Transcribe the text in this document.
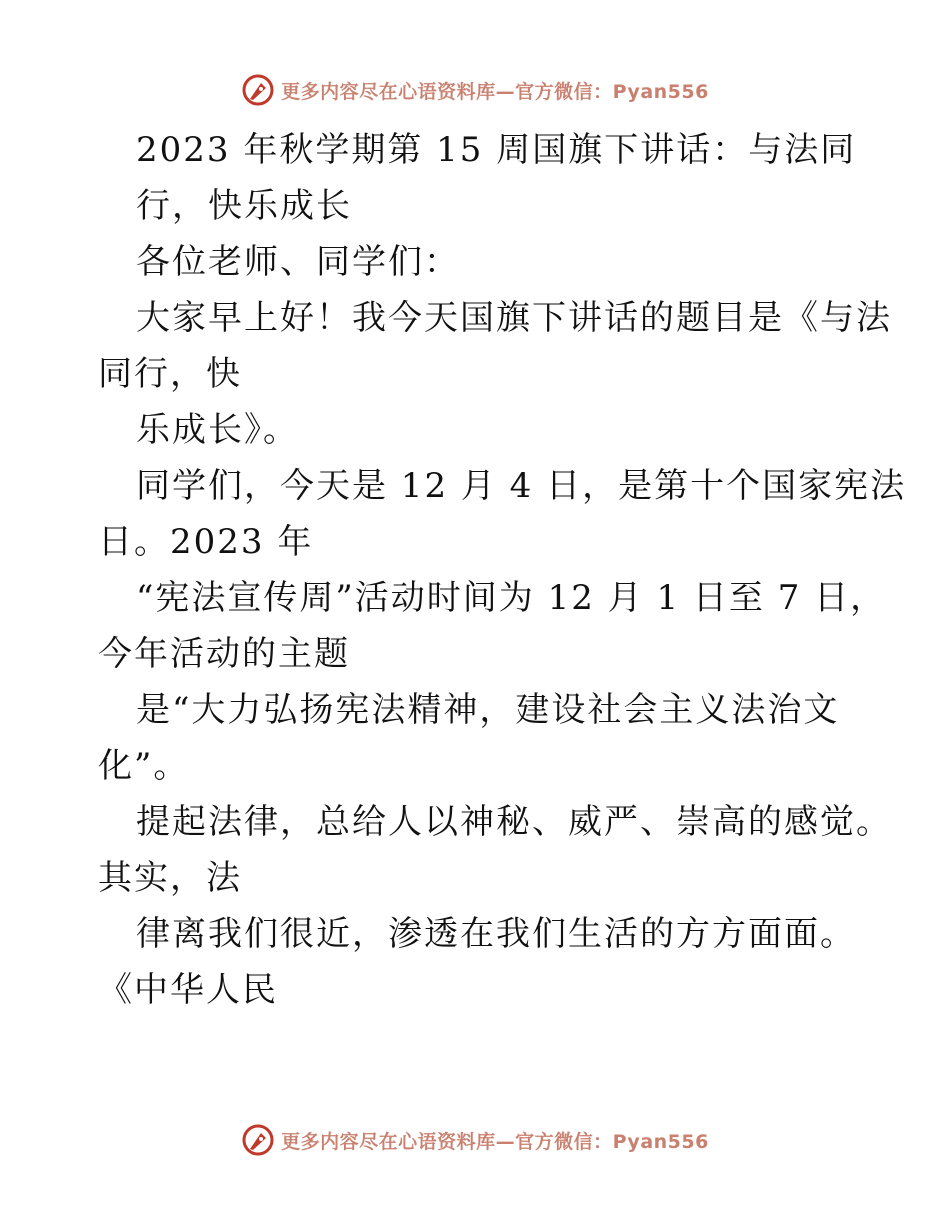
更多内容尽在心语资料库—官方微信：Pyan556
2023 年秋学期第 15 周国旗下讲话：与法同
行，快乐成长
各位老师、同学们：
大家早上好！我今天国旗下讲话的题目是《与法
同行，快
乐成长》。
同学们，今天是 12 月 4 日，是第十个国家宪法
日。2023 年
“宪法宣传周”活动时间为 12 月 1 日至 7 日，
今年活动的主题
是“大力弘扬宪法精神，建设社会主义法治文
化”。
提起法律，总给人以神秘、威严、崇高的感觉。
其实，法
律离我们很近，渗透在我们生活的方方面面。
《中华人民
更多内容尽在心语资料库—官方微信：Pyan556
